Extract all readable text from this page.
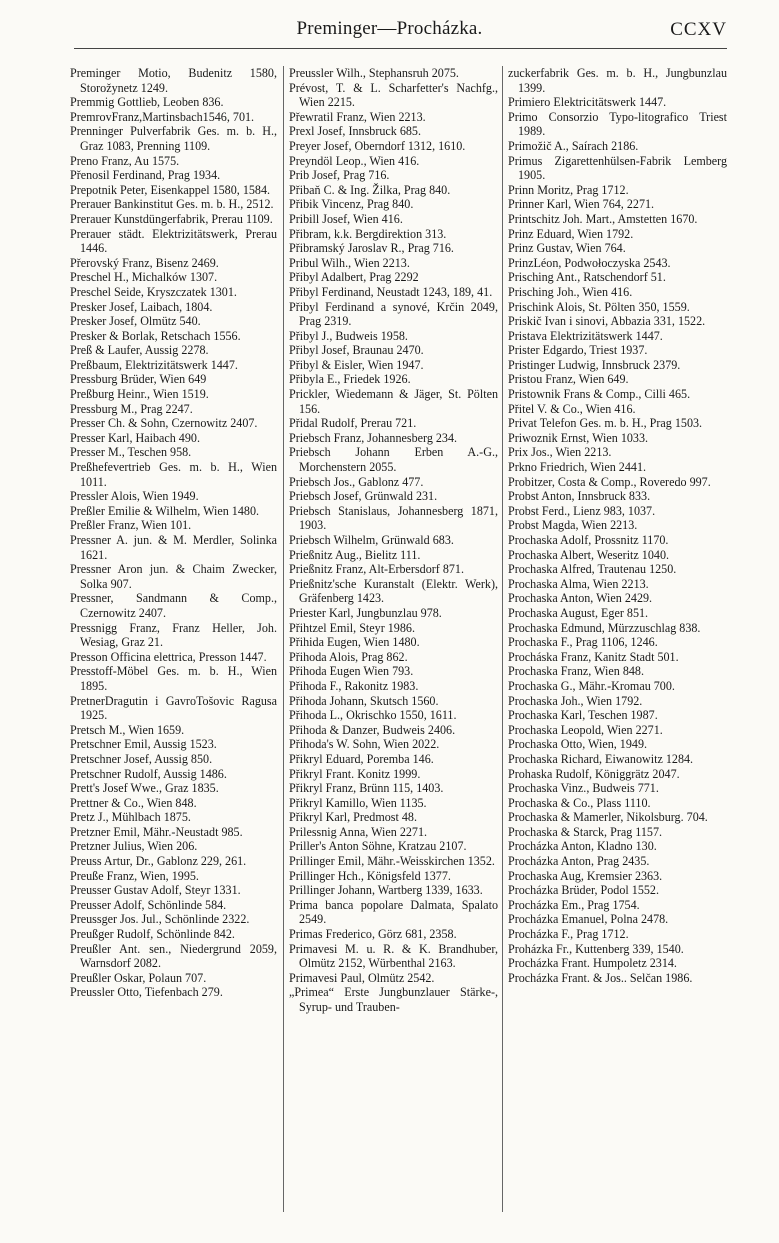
Preminger—Procházka.	CCXV
Preminger Motio, Budenitz 1580, Storožynetz 1249.
Premmig Gottlieb, Leoben 836.
PremrovFranz,Martinsbach1546, 701.
Prenninger Pulverfabrik Ges. m. b. H., Graz 1083, Prenning 1109.
Preno Franz, Au 1575.
Přenosil Ferdinand, Prag 1934.
Prepotnik Peter, Eisenkappel 1580, 1584.
Prerauer Bankinstitut Ges. m. b. H., 2512.
Prerauer Kunstdüngerfabrik, Prerau 1109.
Prerauer städt. Elektrizitätswerk, Prerau 1446.
Přerovský Franz, Bisenz 2469.
Preschel H., Michalków 1307.
Preschel Seide, Kryszczatek 1301.
Presker Josef, Laibach, 1804.
Presker Josef, Olmütz 540.
Presker & Borlak, Retschach 1556.
Preß & Laufer, Aussig 2278.
Preßbaum, Elektrizitätswerk 1447.
Pressburg Brüder, Wien 649
Preßburg Heinr., Wien 1519.
Pressburg M., Prag 2247.
Presser Ch. & Sohn, Czernowitz 2407.
Presser Karl, Haibach 490.
Presser M., Teschen 958.
Preßhefevertrieb Ges. m. b. H., Wien 1011.
Pressler Alois, Wien 1949.
Preßler Emilie & Wilhelm, Wien 1480.
Preßler Franz, Wien 101.
Pressner A. jun. & M. Merdler, Solinka 1621.
Pressner Aron jun. & Chaim Zwecker, Solka 907.
Pressner, Sandmann & Comp., Czernowitz 2407.
Pressnigg Franz, Franz Heller, Joh. Wesiag, Graz 21.
Presson Officina elettrica, Presson 1447.
Presstoff-Möbel Ges. m. b. H., Wien 1895.
PretnerDragutin i GavroTošovic Ragusa 1925.
Pretsch M., Wien 1659.
Pretschner Emil, Aussig 1523.
Pretschner Josef, Aussig 850.
Pretschner Rudolf, Aussig 1486.
Prett's Josef Wwe., Graz 1835.
Prettner & Co., Wien 848.
Pretz J., Mühlbach 1875.
Pretzner Emil, Mähr.-Neustadt 985.
Pretzner Julius, Wien 206.
Preuss Artur, Dr., Gablonz 229, 261.
Preuße Franz, Wien, 1995.
Preusser Gustav Adolf, Steyr 1331.
Preusser Adolf, Schönlinde 584.
Preussger Jos. Jul., Schönlinde 2322.
Preußger Rudolf, Schönlinde 842.
Preußler Ant. sen., Niedergrund 2059, Warnsdorf 2082.
Preußler Oskar, Polaun 707.
Preussler Otto, Tiefenbach 279.
Preussler Wilh., Stephansruh 2075.
Prévost, T. & L. Scharfetter's Nachfg., Wien 2215.
Přewratil Franz, Wien 2213.
Prexl Josef, Innsbruck 685.
Preyer Josef, Oberndorf 1312, 1610.
Preyndöl Leop., Wien 416.
Prib Josef, Prag 716.
Přibaň C. & Ing. Žilka, Prag 840.
Přibik Vincenz, Prag 840.
Pribill Josef, Wien 416.
Přibram, k.k. Bergdirektion 313.
Přibramský Jaroslav R., Prag 716.
Pribul Wilh., Wien 2213.
Přibyl Adalbert, Prag 2292
Přibyl Ferdinand, Neustadt 1243, 189, 41.
Přibyl Ferdinand a synové, Krčin 2049, Prag 2319.
Přibyl J., Budweis 1958.
Přibyl Josef, Braunau 2470.
Přibyl & Eisler, Wien 1947.
Přibyla E., Friedek 1926.
Prickler, Wiedemann & Jäger, St. Pölten 156.
Přidal Rudolf, Prerau 721.
Priebsch Franz, Johannesberg 234.
Priebsch Johann Erben A.-G., Morchenstern 2055.
Priebsch Jos., Gablonz 477.
Priebsch Josef, Grünwald 231.
Priebsch Stanislaus, Johannesberg 1871, 1903.
Priebsch Wilhelm, Grünwald 683.
Prießnitz Aug., Bielitz 111.
Prießnitz Franz, Alt-Erbersdorf 871.
Prießnitz'sche Kuranstalt (Elektr. Werk), Gräfenberg 1423.
Priester Karl, Jungbunzlau 978.
Přihtzel Emil, Steyr 1986.
Přihida Eugen, Wien 1480.
Přihoda Alois, Prag 862.
Přihoda Eugen Wien 793.
Přihoda F., Rakonitz 1983.
Přihoda Johann, Skutsch 1560.
Přihoda L., Okrischko 1550, 1611.
Přihoda & Danzer, Budweis 2406.
Přihoda's W. Sohn, Wien 2022.
Přikryl Eduard, Poremba 146.
Přikryl Frant. Konitz 1999.
Přikryl Franz, Brünn 115, 1403.
Přikryl Kamillo, Wien 1135.
Přikryl Karl, Predmost 48.
Prilessnig Anna, Wien 2271.
Priller's Anton Söhne, Kratzau 2107.
Prillinger Emil, Mähr.-Weisskirchen 1352.
Prillinger Hch., Königsfeld 1377.
Prillinger Johann, Wartberg 1339, 1633.
Prima banca popolare Dalmata, Spalato 2549.
Primas Frederico, Görz 681, 2358.
Primavesi M. u. R. & K. Brandhuber, Olmütz 2152, Würbenthal 2163.
Primavesi Paul, Olmütz 2542.
„Primea“ Erste Jungbunzlauer Stärke-, Syrup- und Trauben-
zuckerfabrik Ges. m. b. H., Jungbunzlau 1399.
Primiero Elektricitätswerk 1447.
Primo Consorzio Typo-litografico Triest 1989.
Primožič A., Saírach 2186.
Primus Zigarettenhülsen-Fabrik Lemberg 1905.
Prinn Moritz, Prag 1712.
Prinner Karl, Wien 764, 2271.
Printschitz Joh. Mart., Amstetten 1670.
Prinz Eduard, Wien 1792.
Prinz Gustav, Wien 764.
PrinzLéon, Podwołoczyska 2543.
Prisching Ant., Ratschendorf 51.
Prisching Joh., Wien 416.
Prischink Alois, St. Pölten 350, 1559.
Priskič Ivan i sinovi, Abbazia 331, 1522.
Pristava Elektrizitätswerk 1447.
Prister Edgardo, Triest 1937.
Pristinger Ludwig, Innsbruck 2379.
Pristou Franz, Wien 649.
Pristownik Frans & Comp., Cilli 465.
Přitel V. & Co., Wien 416.
Privat Telefon Ges. m. b. H., Prag 1503.
Priwoznik Ernst, Wien 1033.
Prix Jos., Wien 2213.
Prkno Friedrich, Wien 2441.
Probitzer, Costa & Comp., Roveredo 997.
Probst Anton, Innsbruck 833.
Probst Ferd., Lienz 983, 1037.
Probst Magda, Wien 2213.
Prochaska Adolf, Prossnitz 1170.
Prochaska Albert, Weseritz 1040.
Prochaska Alfred, Trautenau 1250.
Prochaska Alma, Wien 2213.
Prochaska Anton, Wien 2429.
Prochaska August, Eger 851.
Prochaska Edmund, Mürzzuschlag 838.
Prochaska F., Prag 1106, 1246.
Procháska Franz, Kanitz Stadt 501.
Prochaska Franz, Wien 848.
Prochaska G., Mähr.-Kromau 700.
Prochaska Joh., Wien 1792.
Prochaska Karl, Teschen 1987.
Prochaska Leopold, Wien 2271.
Prochaska Otto, Wien, 1949.
Prochaska Richard, Eiwanowitz 1284.
Prohaska Rudolf, Königgrätz 2047.
Prochaska Vinz., Budweis 771.
Prochaska & Co., Plass 1110.
Prochaska & Mamerler, Nikolsburg. 704.
Prochaska & Starck, Prag 1157.
Procházka Anton, Kladno 130.
Procházka Anton, Prag 2435.
Prochaska Aug, Kremsier 2363.
Procházka Brüder, Podol 1552.
Procházka Em., Prag 1754.
Procházka Emanuel, Polna 2478.
Procházka F., Prag 1712.
Proházka Fr., Kuttenberg 339, 1540.
Procházka Frant. Humpoletz 2314.
Procházka Frant. & Jos.. Selčan 1986.
